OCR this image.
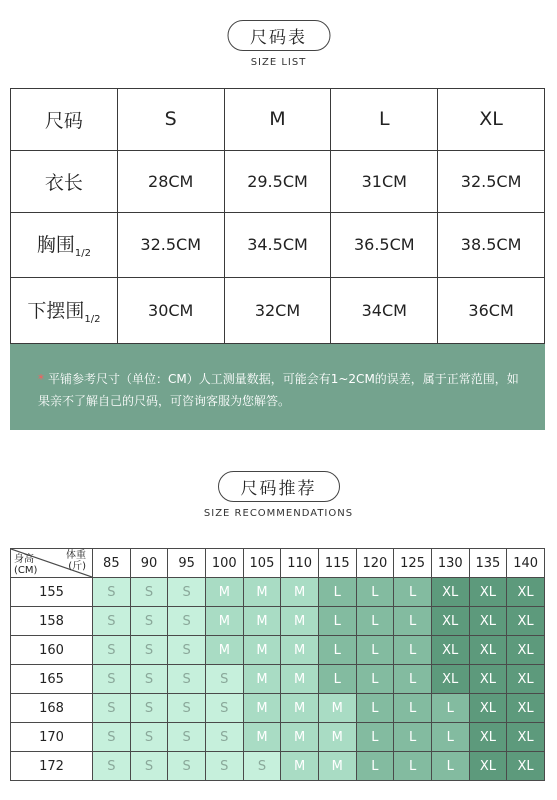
尺码表
SIZE LIST
尺码	S	M	L	XL
衣长	28CM	29.5CM	31CM	32.5CM
胸围$_{1/2}$	32.5CM	34.5CM	36.5CM	38.5CM
下摆围$_{1/2}$	30CM	32CM	34CM	36CM
* 平铺参考尺寸（单位：CM）人工测量数据，可能会有1~2CM的误差，属于正常范围，如果亲不了解自己的尺码，可咨询客服为您解答。
尺码推荐
SIZE RECOMMENDATIONS
体重
(斤)
身高
(CM)	85	90	95	100	105	110	115	120	125	130	135	140
155	S	S	S	M	M	M	L	L	L	XL	XL	XL
158	S	S	S	M	M	M	L	L	L	XL	XL	XL
160	S	S	S	M	M	M	L	L	L	XL	XL	XL
165	S	S	S	S	M	M	L	L	L	XL	XL	XL
168	S	S	S	S	M	M	M	L	L	L	XL	XL
170	S	S	S	S	M	M	M	L	L	L	XL	XL
172	S	S	S	S	S	M	M	L	L	L	XL	XL
